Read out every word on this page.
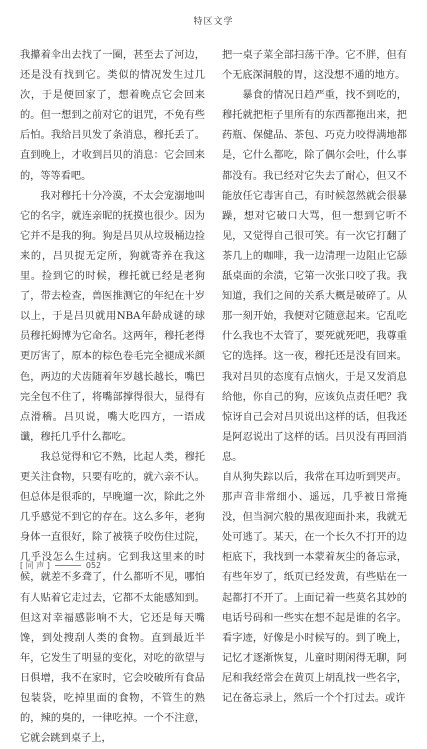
特区文学

我攥着伞出去找了一圈，甚至去了河边，还是没有找到它。类似的情况发生过几次，于是便回家了，想着晚点它会回来的。但一想到之前对它的诅咒，不免有些后怕。我给吕贝发了条消息，穆托丢了。直到晚上，才收到吕贝的消息：它会回来的，等等看吧。

我对穆托十分冷漠，不太会宠溺地叫它的名字，就连亲昵的抚摸也很少。因为它并不是我的狗。狗是吕贝从垃圾桶边捡来的，吕贝捉无定所，狗就寄养在我这里。捡到它的时候，穆托就已经是老狗了，带去检查，兽医推测它的年纪在十岁以上，于是吕贝就用NBA年龄成谜的球员穆托姆博为它命名。这两年，穆托老得更厉害了，原本的棕色卷毛完全褪成米颜色，两边的犬齿随着年岁越长越长，嘴巴完全包不住了，将嘴部撑得很大，显得有点滑稽。吕贝说，嘴大吃四方，一语成谶，穆托几乎什么都吃。

我总觉得和它不熟，比起人类，穆托更关注食物，只要有吃的，就六亲不认。但总体是很乖的，早晚遛一次，除此之外几乎感觉不到它的存在。这么多年，老狗身体一直很好，除了被筷子咬伤住过院，几乎没怎么生过病。它到我这里来的时候，就差不多聋了，什么都听不见，哪怕有人贴着它走过去，它都不太能感知到。但这对幸福感影响不大，它还是每天嘴馋，到处搜刮人类的食物。直到最近半年，它发生了明显的变化，对吃的欲望与日俱增，我不在家时，它会咬破所有食品包装袋，吃掉里面的食物，不管生的熟的，辣的臭的，一律吃掉。一个不注意，它就会跳到桌子上，

把一桌子菜全部扫荡干净。它不胖，但有个无底深洞般的胃，这没想不通的地方。

暴食的情况日趋严重，找不到吃的，穆托就把柜子里所有的东西都拖出来，把药瓶、保健品、茶包、巧克力咬得满地都是，它什么都吃，除了偶尔会吐，什么事都没有。我已经对它失去了耐心，但又不能放任它毒害自己，有时候忽然就会很暴躁，想对它破口大骂，但一想到它听不见，又觉得自己很可笑。有一次它打翻了茶几上的咖啡，我一边清理一边阻止它舔舐桌面的余渍，它第一次张口咬了我。我知道，我们之间的关系大概是破碎了。从那一刻开始，我便对它随意起来。它乱吃什么我也不太管了，要死就死吧，我尊重它的选择。这一夜，穆托还是没有回来。我对吕贝的态度有点恼火，于是又发消息给他，你自己的狗，应该负点责任吧？我惊讶自己会对吕贝说出这样的话，但我还是阿忍说出了这样的话。吕贝没有再回消息。

自从狗失踪以后，我常在耳边听到哭声。那声音非常细小、遥远，几乎被日常掩没，但当洞穴般的黑夜迎面扑来，我就无处可逃了。某天，在一个长久不打开的边柜底下，我找到一本蒙着灰尘的备忘录，有些年岁了，纸页已经发黄，有些贴在一起都打不开了。上面记着一些莫名其妙的电话号码和一些实在想不起是谁的名字。看字迹，好像是小时候写的。到了晚上，记忆才逐渐恢复，儿童时期闲得无聊，阿尼和我经常会在黄页上胡乱找一些名字，记在备忘录上，然后一个个打过去。或许

[ 同 声 ]	052
